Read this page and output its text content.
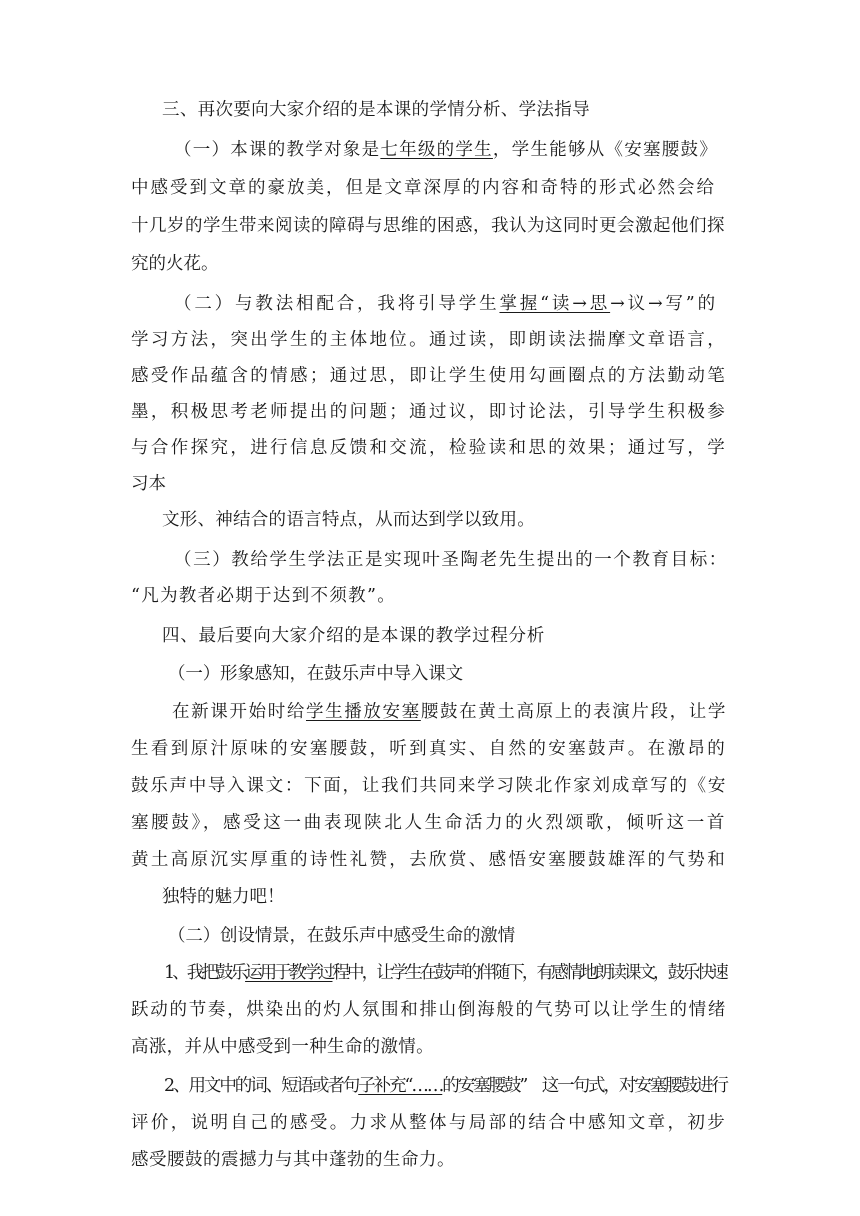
三、再次要向大家介绍的是本课的学情分析、学法指导
（一）本课的教学对象是七年级的学生，学生能够从《安塞腰鼓》
中感受到文章的豪放美，但是文章深厚的内容和奇特的形式必然会给
十几岁的学生带来阅读的障碍与思维的困惑，我认为这同时更会激起他们探
究的火花。
（二）与教法相配合，我将引导学生掌握“读→思→议→写”的
学习方法，突出学生的主体地位。通过读，即朗读法揣摩文章语言，
感受作品蕴含的情感；通过思，即让学生使用勾画圈点的方法勤动笔
墨，积极思考老师提出的问题；通过议，即讨论法，引导学生积极参
与合作探究，进行信息反馈和交流，检验读和思的效果；通过写，学
习本
文形、神结合的语言特点，从而达到学以致用。
（三）教给学生学法正是实现叶圣陶老先生提出的一个教育目标：
“凡为教者必期于达到不须教”。
四、最后要向大家介绍的是本课的教学过程分析
（一）形象感知，在鼓乐声中导入课文
在新课开始时给学生播放安塞腰鼓在黄土高原上的表演片段，让学
生看到原汁原味的安塞腰鼓，听到真实、自然的安塞鼓声。在激昂的
鼓乐声中导入课文：下面，让我们共同来学习陕北作家刘成章写的《安
塞腰鼓》，感受这一曲表现陕北人生命活力的火烈颂歌，倾听这一首
黄土高原沉实厚重的诗性礼赞，去欣赏、感悟安塞腰鼓雄浑的气势和
独特的魅力吧！
（二）创设情景，在鼓乐声中感受生命的激情
1、我把鼓乐运用于教学过程中，让学生在鼓声的伴随下，有感情地朗读课文，鼓乐快速
跃动的节奏，烘染出的灼人氛围和排山倒海般的气势可以让学生的情绪
高涨，并从中感受到一种生命的激情。
2、用文中的词、短语或者句子补充“……的安塞腰鼓”　这一句式，对安塞腰鼓进行
评价，说明自己的感受。力求从整体与局部的结合中感知文章，初步
感受腰鼓的震撼力与其中蓬勃的生命力。
